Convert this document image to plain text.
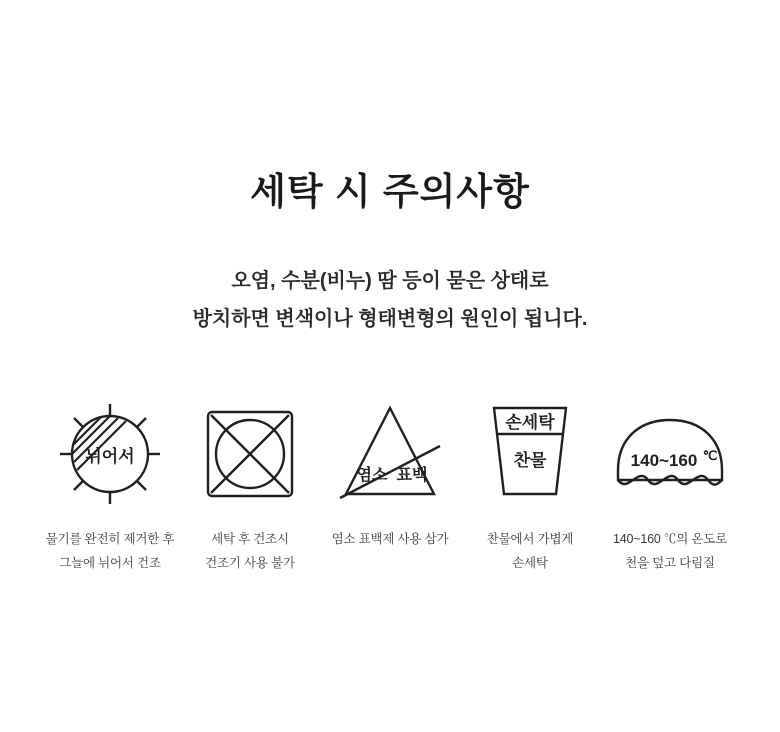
세탁 시 주의사항
오염, 수분(비누) 땀 등이 묻은 상태로
방치하면 변색이나 형태변형의 원인이 됩니다.
뉘어서
물기를 완전히 제거한 후
그늘에 뉘어서 건조
세탁 후 건조시
건조기 사용 불가
염소 표백
염소 표백제 사용 삼가
손세탁
찬물
찬물에서 가볍게
손세탁
140~160 ℃
140~160 ℃의 온도로
천을 덮고 다림질
